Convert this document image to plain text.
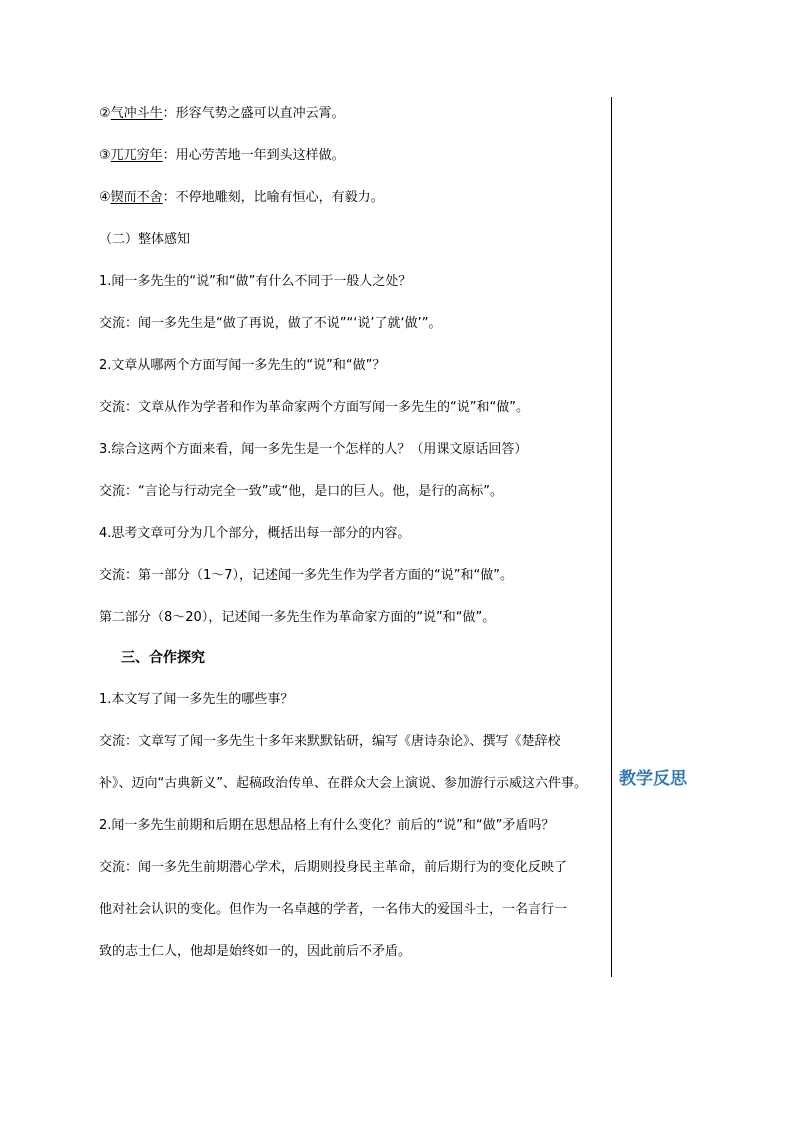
②气冲斗牛：形容气势之盛可以直冲云霄。
③兀兀穷年：用心劳苦地一年到头这样做。
④锲而不舍：不停地雕刻，比喻有恒心，有毅力。
（二）整体感知
1.闻一多先生的“说”和“做”有什么不同于一般人之处？
交流：闻一多先生是“做了再说，做了不说”“‘说’了就‘做’”。
2.文章从哪两个方面写闻一多先生的“说”和“做”？
交流：文章从作为学者和作为革命家两个方面写闻一多先生的“说”和“做”。
3.综合这两个方面来看，闻一多先生是一个怎样的人？（用课文原话回答）
交流：“言论与行动完全一致”或“他，是口的巨人。他，是行的高标”。
4.思考文章可分为几个部分，概括出每一部分的内容。
交流：第一部分（1～7），记述闻一多先生作为学者方面的“说”和“做”。
第二部分（8～20），记述闻一多先生作为革命家方面的“说”和“做”。
三、合作探究
1.本文写了闻一多先生的哪些事？
交流：文章写了闻一多先生十多年来默默钻研，编写《唐诗杂论》、撰写《楚辞校
补》、迈向“古典新义”、起稿政治传单、在群众大会上演说、参加游行示威这六件事。
2.闻一多先生前期和后期在思想品格上有什么变化？前后的“说”和“做”矛盾吗？
交流：闻一多先生前期潜心学术，后期则投身民主革命，前后期行为的变化反映了
他对社会认识的变化。但作为一名卓越的学者，一名伟大的爱国斗士，一名言行一
致的志士仁人，他却是始终如一的，因此前后不矛盾。
教学反思
